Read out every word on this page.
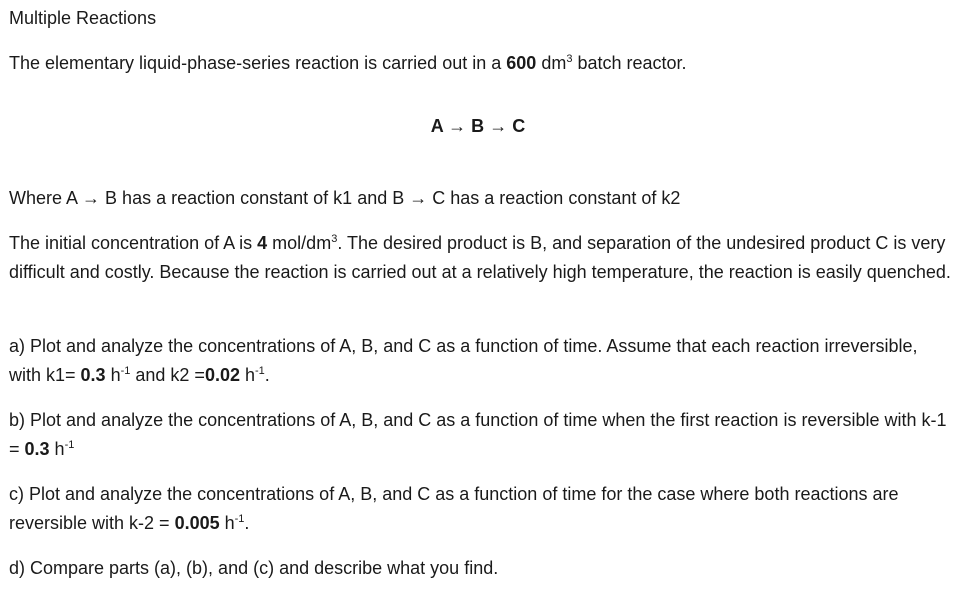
Multiple Reactions

The elementary liquid-phase-series reaction is carried out in a 600 $dm^3$ batch reactor.

A → B → C

Where A → B has a reaction constant of k1 and B → C has a reaction constant of k2

The initial concentration of A is 4 mol/$dm^3$. The desired product is B, and separation of the undesired product C is very difficult and costly. Because the reaction is carried out at a relatively high temperature, the reaction is easily quenched.

a) Plot and analyze the concentrations of A, B, and C as a function of time. Assume that each reaction irreversible, with k1= 0.3 $h^{-1}$ and k2 =0.02 $h^{-1}$.

b) Plot and analyze the concentrations of A, B, and C as a function of time when the first reaction is reversible with k-1 = 0.3 $h^{-1}$

c) Plot and analyze the concentrations of A, B, and C as a function of time for the case where both reactions are reversible with k-2 = 0.005 $h^{-1}$.

d) Compare parts (a), (b), and (c) and describe what you find.
